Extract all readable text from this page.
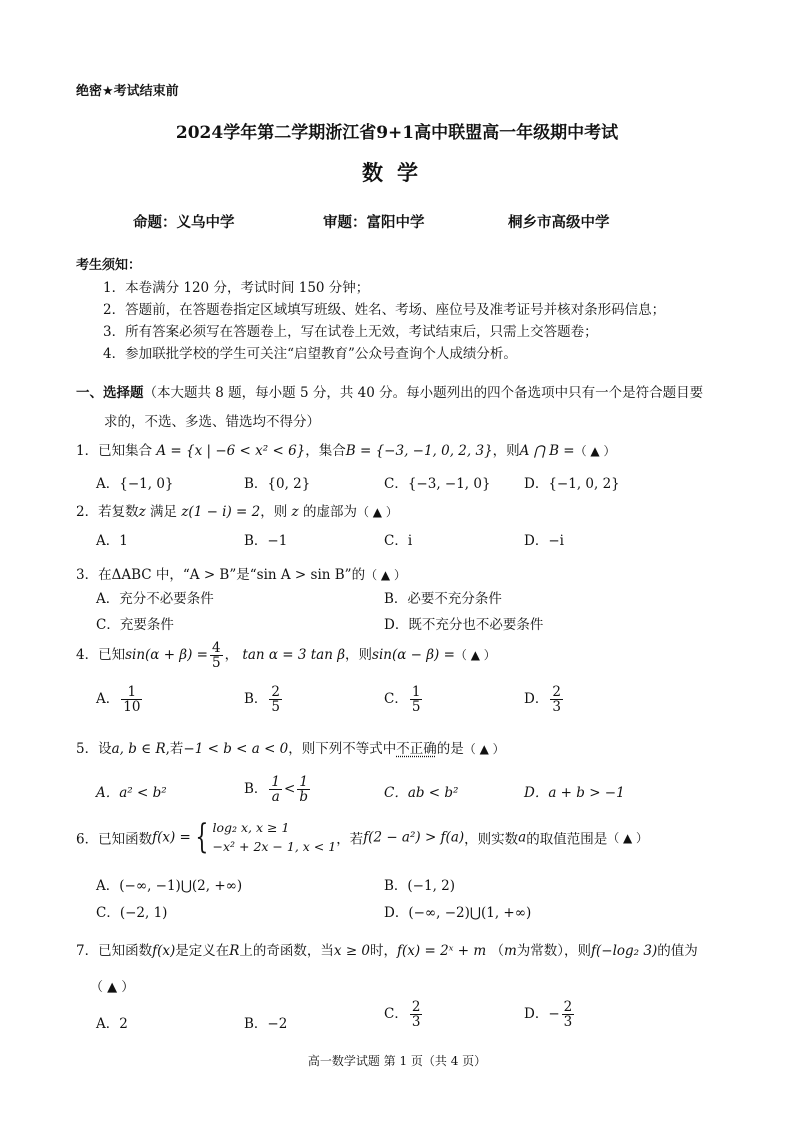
绝密★考试结束前
2024学年第二学期浙江省9+1高中联盟高一年级期中考试
数学
命题：义乌中学	审题：富阳中学	桐乡市高级中学
考生须知：
1．本卷满分 120 分，考试时间 150 分钟；
2．答题前，在答题卷指定区域填写班级、姓名、考场、座位号及准考证号并核对条形码信息；
3．所有答案必须写在答题卷上，写在试卷上无效，考试结束后，只需上交答题卷；
4．参加联批学校的学生可关注“启望教育”公众号查询个人成绩分析。
一、选择题（本大题共 8 题，每小题 5 分，共 40 分。每小题列出的四个备选项中只有一个是符合题目要
求的，不选、多选、错选均不得分）
1．已知集合 A = {x | −6 < x² < 6}，集合B = {−3, −1, 0, 2, 3}，则A ⋂ B =（ ▲ ）
A．{−1, 0}	B．{0, 2}	C．{−3, −1, 0} D．{−1, 0, 2}
2．若复数z 满足 z(1 − i) = 2，则 z 的虚部为（ ▲ ）
A．1	B．−1	C．i	D．−i
3．在ΔABC 中，“A > B”是“sin A > sin B”的（ ▲ ）
A．充分不必要条件	B．必要不充分条件
C．充要条件	D．既不充分也不必要条件
4．已知$\sin(\alpha + \beta) = \frac{4}{5}$ ， tan α = 3 tan β，则sin(α − β) =（ ▲ ）
A． $\frac{1}{10}$	B． $\frac{2}{5}$	C． $\frac{1}{5}$	D． $\frac{2}{3}$
5．设a, b ∈ R,若−1 < b < a < 0，则下列不等式中不正确的是（ ▲ ）
A．a² < b²	B． $\frac{1}{a} < \frac{1}{b}$	C．ab < b²	D．a + b > −1
6．已知函数f(x) = { log₂ x, x ≥ 1
−x² + 2x − 1, x < 1 ，若f(2 − a²) > f(a)，则实数a的取值范围是（ ▲ ）
A．(−∞, −1)⋃(2, +∞)	B．(−1, 2)
C．(−2, 1)	D．(−∞, −2)⋃(1, +∞)
7．已知函数f(x)是定义在R上的奇函数，当x ≥ 0时，f(x) = 2ˣ + m （m为常数），则f(−log₂ 3)的值为
（ ▲ ）
A．2	B．−2
C． $\frac{2}{3}$	D．− $\frac{2}{3}$
高一数学试题 第 1 页（共 4 页）
